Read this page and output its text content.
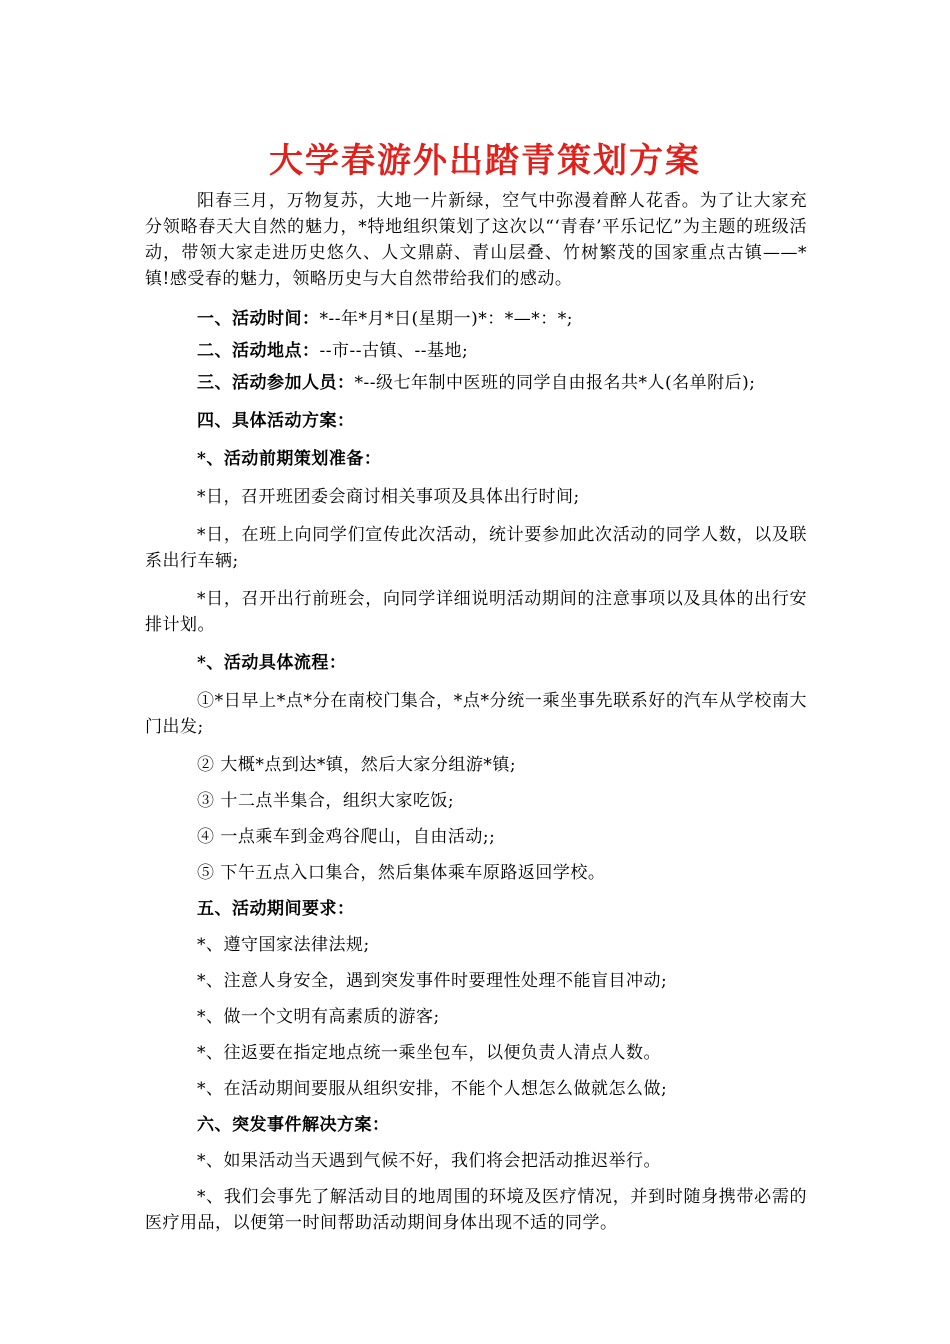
大学春游外出踏青策划方案

阳春三月，万物复苏，大地一片新绿，空气中弥漫着醉人花香。为了让大家充分领略春天大自然的魅力，*特地组织策划了这次以“‘青春’平乐记忆”为主题的班级活动，带领大家走进历史悠久、人文鼎蔚、青山层叠、竹树繁茂的国家重点古镇——*镇!感受春的魅力，领略历史与大自然带给我们的感动。

一、活动时间：*--年*月*日(星期一)*：*—*：*;

二、活动地点：--市--古镇、--基地;

三、活动参加人员：*--级七年制中医班的同学自由报名共*人(名单附后);

四、具体活动方案：

*、活动前期策划准备：

*日，召开班团委会商讨相关事项及具体出行时间;

*日，在班上向同学们宣传此次活动，统计要参加此次活动的同学人数，以及联系出行车辆;

*日，召开出行前班会，向同学详细说明活动期间的注意事项以及具体的出行安排计划。

*、活动具体流程：

①*日早上*点*分在南校门集合，*点*分统一乘坐事先联系好的汽车从学校南大门出发;

② 大概*点到达*镇，然后大家分组游*镇;

③ 十二点半集合，组织大家吃饭;

④ 一点乘车到金鸡谷爬山，自由活动;;

⑤ 下午五点入口集合，然后集体乘车原路返回学校。

五、活动期间要求：

*、遵守国家法律法规;

*、注意人身安全，遇到突发事件时要理性处理不能盲目冲动;

*、做一个文明有高素质的游客;

*、往返要在指定地点统一乘坐包车，以便负责人清点人数。

*、在活动期间要服从组织安排，不能个人想怎么做就怎么做;

六、突发事件解决方案：

*、如果活动当天遇到气候不好，我们将会把活动推迟举行。

*、我们会事先了解活动目的地周围的环境及医疗情况，并到时随身携带必需的医疗用品，以便第一时间帮助活动期间身体出现不适的同学。
